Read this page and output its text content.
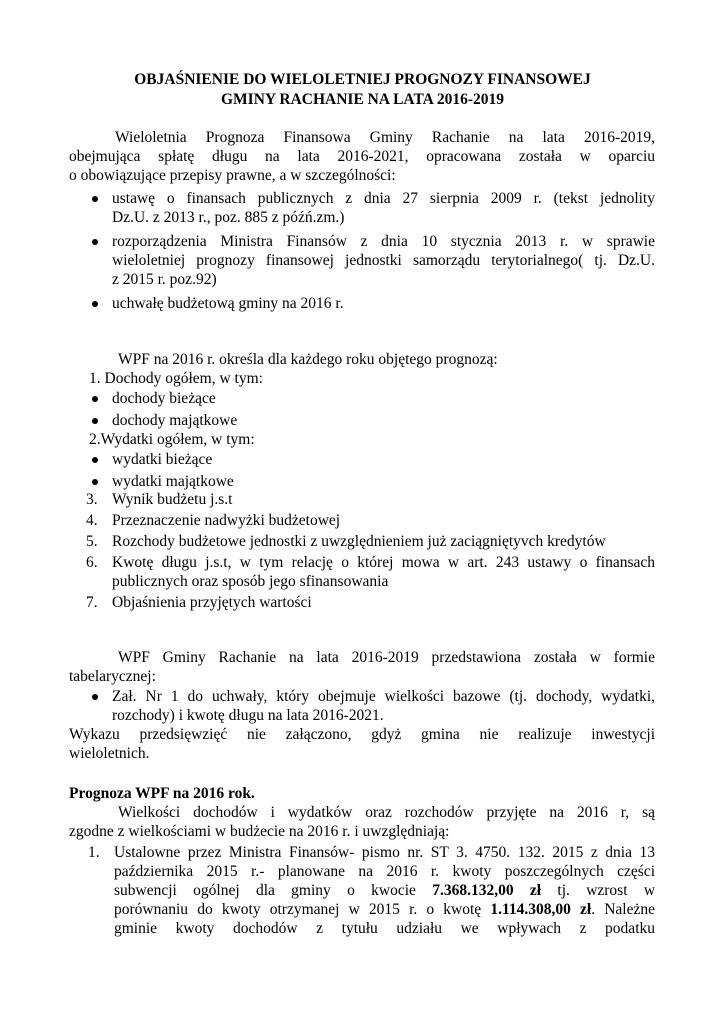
OBJAŚNIENIE DO WIELOLETNIEJ PROGNOZY FINANSOWEJ
GMINY RACHANIE NA LATA 2016-2019
Wieloletnia Prognoza Finansowa Gminy Rachanie na lata 2016-2019,
obejmująca spłatę długu na lata 2016-2021, opracowana została w oparciu
o obowiązujące przepisy prawne, a w szczególności:
ustawę o finansach publicznych z dnia 27 sierpnia 2009 r. (tekst jednolity
Dz.U. z 2013 r., poz. 885 z późń.zm.)
rozporządzenia Ministra Finansów z dnia 10 stycznia 2013 r. w sprawie
wieloletniej prognozy finansowej jednostki samorządu terytorialnego( tj. Dz.U.
z 2015 r. poz.92)
uchwałę budżetową gminy na 2016 r.
WPF na 2016 r. określa dla każdego roku objętego prognozą:
1. Dochody ogółem, w tym:
dochody bieżące
dochody majątkowe
2.Wydatki ogółem, w tym:
wydatki bieżące
wydatki majątkowe
3. Wynik budżetu j.s.t
4. Przeznaczenie nadwyżki budżetowej
5. Rozchody budżetowe jednostki z uwzględnieniem już zaciągniętyvch kredytów
6. Kwotę długu j.s.t, w tym relację o której mowa w art. 243 ustawy o finansach
publicznych oraz sposób jego sfinansowania
7. Objaśnienia przyjętych wartości
WPF Gminy Rachanie na lata 2016-2019 przedstawiona została w formie
tabelarycznej:
Zał. Nr 1 do uchwały, który obejmuje wielkości bazowe (tj. dochody, wydatki,
rozchody) i kwotę długu na lata 2016-2021.
Wykazu przedsięwzięć nie załączono, gdyż gmina nie realizuje inwestycji
wieloletnich.
Prognoza WPF na 2016 rok.
Wielkości dochodów i wydatków oraz rozchodów przyjęte na 2016 r, są
zgodne z wielkościami w budżecie na 2016 r. i uwzględniają:
1. Ustalowne przez Ministra Finansów- pismo nr. ST 3. 4750. 132. 2015 z dnia 13
października 2015 r.- planowane na 2016 r. kwoty poszczególnych części
subwencji ogólnej dla gminy o kwocie 7.368.132,00 zł tj. wzrost w
porównaniu do kwoty otrzymanej w 2015 r. o kwotę 1.114.308,00 zł. Należne
gminie kwoty dochodów z tytułu udziału we wpływach z podatku
